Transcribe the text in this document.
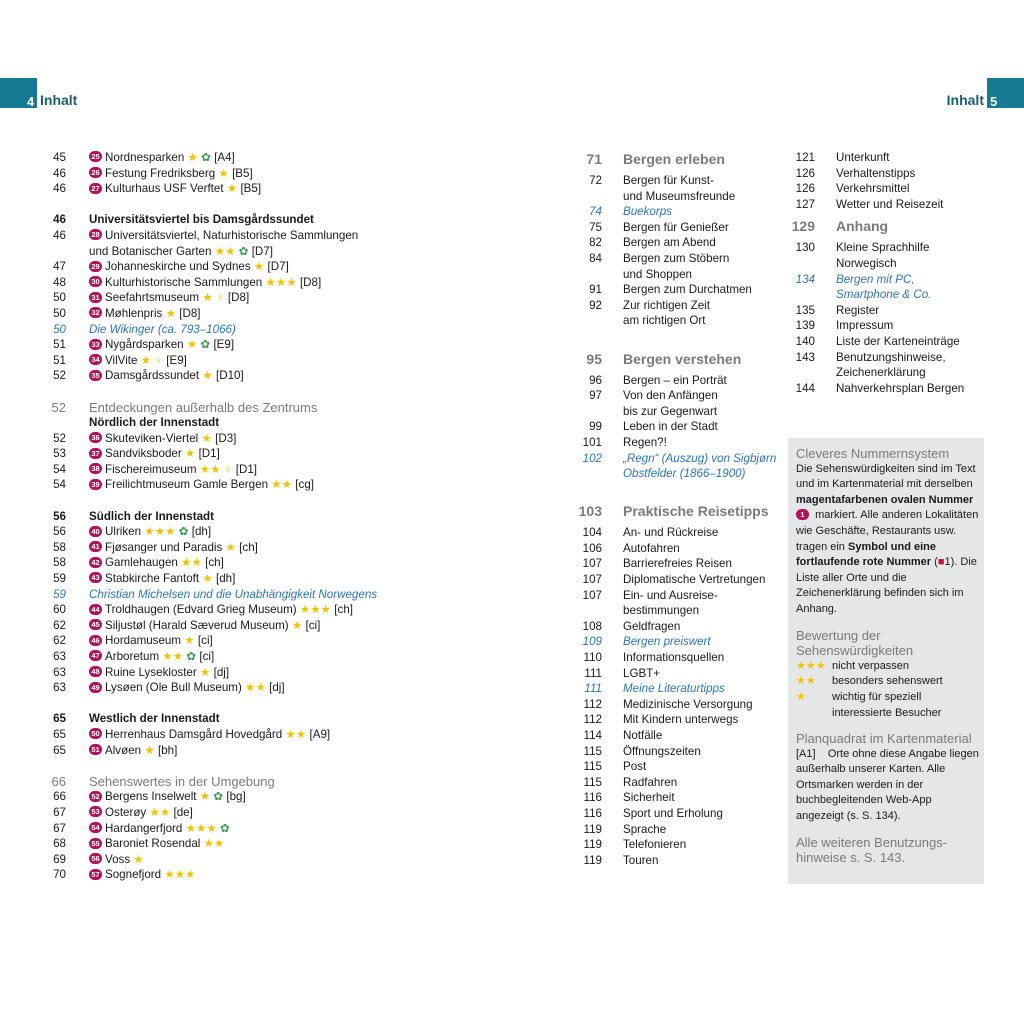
4 Inhalt	Inhalt 5
45	25 Nordnesparken ★ ✿ [A4]
46	26 Festung Fredriksberg ★ [B5]
46	27 Kulturhaus USF Verftet ★ [B5]
46 Universitätsviertel bis Damsgårdssundet
46	28 Universitätsviertel, Naturhistorische Sammlungen
und Botanischer Garten ★★ ✿ [D7]
47	29 Johanneskirche und Sydnes ★ [D7]
48	30 Kulturhistorische Sammlungen ★★★ [D8]
50	31 Seefahrtsmuseum ★ ♀ [D8]
50	32 Møhlenpris ★ [D8]
50 Die Wikinger (ca. 793–1066)
51	33 Nygårdsparken ★ ✿ [E9]
51	34 VilVite ★ ♀ [E9]
52	35 Damsgårdssundet ★ [D10]
52 Entdeckungen außerhalb des Zentrums
Nördlich der Innenstadt
52	36 Skuteviken-Viertel ★ [D3]
53	37 Sandviksboder ★ [D1]
54	38 Fischereimuseum ★★ ♀ [D1]
54	39 Freilichtmuseum Gamle Bergen ★★ [cg]
56 Südlich der Innenstadt
56	40 Ulriken ★★★ ✿ [dh]
58	41 Fjøsanger und Paradis ★ [ch]
58	42 Gamlehaugen ★★ [ch]
59	43 Stabkirche Fantoft ★ [dh]
59 Christian Michelsen und die Unabhängigkeit Norwegens
60	44 Troldhaugen (Edvard Grieg Museum) ★★★ [ch]
62	45 Siljustøl (Harald Sæverud Museum) ★ [ci]
62	46 Hordamuseum ★ [ci]
63	47 Arboretum ★★ ✿ [ci]
63	48 Ruine Lysekloster ★ [dj]
63	49 Lysøen (Ole Bull Museum) ★★ [dj]
65 Westlich der Innenstadt
65	50 Herrenhaus Damsgård Hovedgård ★★ [A9]
65	51 Alvøen ★ [bh]
66 Sehenswertes in der Umgebung
66	52 Bergens Inselwelt ★ ✿ [bg]
67	53 Osterøy ★★ [de]
67	54 Hardangerfjord ★★★ ✿
68	55 Baroniet Rosendal ★★
69	56 Voss ★
70	57 Sognefjord ★★★
71 Bergen erleben
72 Bergen für Kunst-
und Museumsfreunde
74 Buekorps
75 Bergen für Genießer
82 Bergen am Abend
84 Bergen zum Stöbern
und Shoppen
91 Bergen zum Durchatmen
92 Zur richtigen Zeit
am richtigen Ort
95 Bergen verstehen
96 Bergen – ein Porträt
97 Von den Anfängen
bis zur Gegenwart
99 Leben in der Stadt
101 Regen?!
102 „Regn“ (Auszug) von Sigbjørn
Obstfelder (1866–1900)
103 Praktische Reisetipps
104 An- und Rückreise
106 Autofahren
107 Barrierefreies Reisen
107 Diplomatische Vertretungen
107 Ein- und Ausreise-
bestimmungen
108 Geldfragen
109 Bergen preiswert
110 Informationsquellen
111 LGBT+
111 Meine Literaturtipps
112 Medizinische Versorgung
112 Mit Kindern unterwegs
114 Notfälle
115 Öffnungszeiten
115 Post
115 Radfahren
116 Sicherheit
116 Sport und Erholung
119 Sprache
119 Telefonieren
119 Touren
121 Unterkunft
126 Verhaltenstipps
126 Verkehrsmittel
127 Wetter und Reisezeit
129 Anhang
130 Kleine Sprachhilfe
Norwegisch
134 Bergen mit PC,
Smartphone & Co.
135 Register
139 Impressum
140 Liste der Karteneinträge
143 Benutzungshinweise,
Zeichenerklärung
144 Nahverkehrsplan Bergen
Cleveres Nummernsystem

Die Sehenswürdigkeiten sind im Text und im Kartenmaterial mit derselben magentafarbenen ovalen Nummer 1 markiert. Alle anderen Lokalitäten wie Geschäfte, Restaurants usw. tragen ein Symbol und eine fortlaufende rote Nummer (■1). Die Liste aller Orte und die Zeichenerklärung befinden sich im Anhang.

Bewertung der
Sehenswürdigkeiten
★★★ nicht verpassen
★★ besonders sehenswert
★ wichtig für speziell
interessierte Besucher
Planquadrat im Kartenmaterial

[A1] Orte ohne diese Angabe liegen außerhalb unserer Karten. Alle Ortsmarken werden in der buchbegleitenden Web-App angezeigt (s. S. 134).

Alle weiteren Benutzungs-
hinweise s. S. 143.
